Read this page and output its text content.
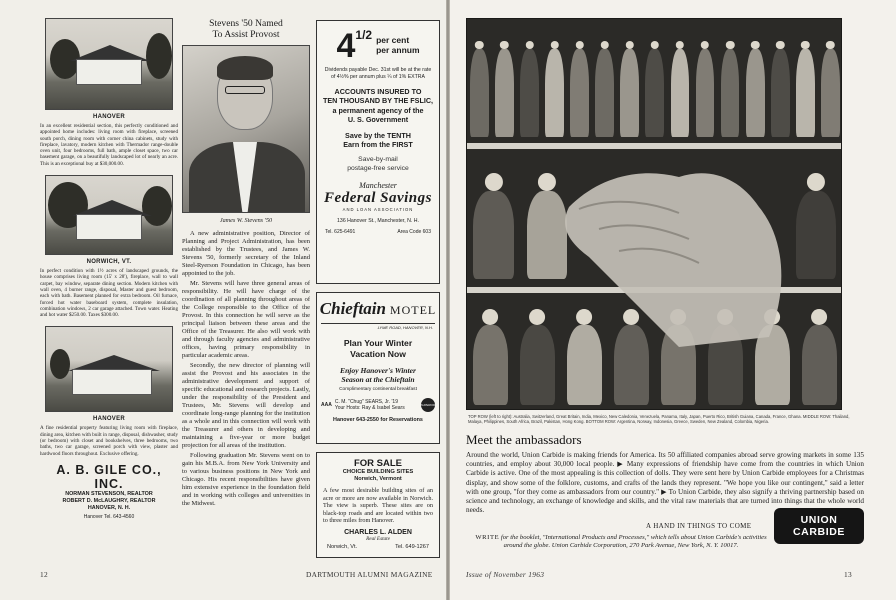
HANOVER
In an excellent residential section, this perfectly conditioned and appointed home includes: living room with fireplace, screened south porch, dining room with corner china cabinets, study with fireplace, lavatory, modern kitchen with Thermador range-double oven unit, four bedrooms, full bath, ample closet space, two car basement garage, on a beautifully landscaped lot of nearly an acre. This is an exceptional buy at $30,000.00.
NORWICH, VT.
In perfect condition with 1½ acres of landscaped grounds, the house comprises living room (15' x 28'), fireplace, wall to wall carpet, bay window, separate dining section. Modern kitchen with wall oven, 4 burner range, disposal, Master and guest bedroom, each with bath. Basement planned for extra bedroom. Oil furnace, forced hot water baseboard system, complete insulation, combination windows, 2 car garage attached. Town water. Heating and hot water $250.00. Taxes $300.00.
HANOVER
A fine residential property featuring living room with fireplace, dining area, kitchen with built in range, disposal, dishwasher, study (or bedroom) with closet and bookshelves, three bedrooms, two baths, two car garage, screened porch with view, plaster and hardwood floors throughout. Exclusive offering.
A. B. GILE CO., INC.
NORMAN STEVENSON, REALTOR
ROBERT D. McLAUGHRY, REALTOR
HANOVER, N. H.
Hanover Tel. 643-4560
Stevens '50 Named
To Assist Provost
James W. Stevens '50

A new administrative position, Director of Planning and Project Administration, has been established by the Trustees, and James W. Stevens '50, formerly secretary of the Inland Steel-Ryerson Foundation in Chicago, has been appointed to the job.

Mr. Stevens will have three general areas of responsibility. He will have charge of the coordination of all planning throughout areas of the College responsible to the Office of the Provost. In this connection he will serve as the principal liaison between these areas and the Office of the Treasurer. He also will work with and through faculty agencies and administrative offices, having primary responsibility in particular academic areas.

Secondly, the new director of planning will assist the Provost and his associates in the administrative development and support of specific educational and research projects. Lastly, under the responsibility of the President and Trustees, Mr. Stevens will develop and coordinate long-range planning for the institution as a whole and in this connection will work with the Treasurer and others in developing and maintaining a five-year or more budget projection for all areas of the institution.

Following graduation Mr. Stevens went on to gain his M.B.A. from New York University and to various business positions in New York and Chicago. His recent responsibilities have given him extensive experience in the foundation field and in working with colleges and universities in the Midwest.

4 1/2 per cent
per annum
Dividends payable Dec. 31st will be at the rate of 4½% per annum plus ¼ of 1% EXTRA
ACCOUNTS INSURED TO
TEN THOUSAND BY THE FSLIC,
a permanent agency of the
U. S. Government
Save by the TENTH
Earn from the FIRST
Save-by-mail
postage-free service
Manchester
Federal Savings
AND LOAN ASSOCIATION
136 Hanover St., Manchester, N. H.
Tel. 625-6491	Area Code 603
Chieftain MOTEL
LYME ROAD, HANOVER, N.H.
Plan Your Winter
Vacation Now
Enjoy Hanover's Winter
Season at the Chieftain
Complimentary continental breakfast
AAA
C. M. "Chug" SEARS, Jr. '19
Your Hosts: Ray & Isabel Sears	SUPERIOR
Hanover 643-2550 for Reservations
FOR SALE
CHOICE BUILDING SITES
Norwich, Vermont
A few most desirable building sites of an acre or more are now available in Norwich. The view is superb. These sites are on black-top roads and are located within two to three miles from Hanover.
CHARLES L. ALDEN
Real Estate
Norwich, Vt.	Tel. 649-1267
12	DARTMOUTH ALUMNI MAGAZINE
TOP ROW (left to right): Australia, Switzerland, Great Britain, India, Mexico, New Caledonia, Venezuela, Panama, Italy, Japan, Puerto Rico, British Guiana, Canada, France, Ghana. MIDDLE ROW: Thailand, Malaya, Philippines, South Africa, Brazil, Pakistan, Hong Kong. BOTTOM ROW: Argentina, Norway, Indonesia, Greece, Sweden, New Zealand, Colombia, Nigeria.
Meet the ambassadors
Around the world, Union Carbide is making friends for America. Its 50 affiliated companies abroad serve growing markets in some 135 countries, and employ about 30,000 local people. ▶ Many expressions of friendship have come from the countries in which Union Carbide is active. One of the most appealing is this collection of dolls. They were sent here by Union Carbide employees for a Christmas display, and show some of the folklore, customs, and crafts of the lands they represent. "We hope you like our contingent," said a letter with one group, "for they come as ambassadors from our country." ▶ To Union Carbide, they also signify a thriving partnership based on science and technology, an exchange of knowledge and skills, and the vital raw materials that are turned into things that the whole world needs.
A HAND IN THINGS TO COME	UNION
CARBIDE
WRITE for the booklet, "International Products and Processes," which tells about Union Carbide's activities around the globe. Union Carbide Corporation, 270 Park Avenue, New York, N. Y. 10017.
Issue of November 1963	13
